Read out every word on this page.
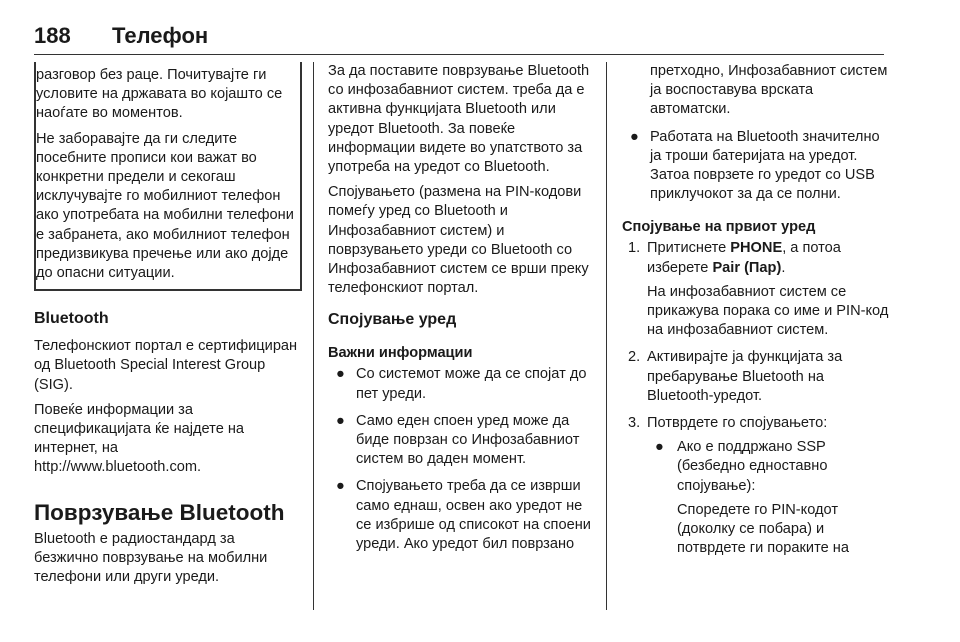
188	Телефон

разговор без раце. Почитувајте ги условите на државата во којашто се наоѓате во моментов.

Не заборавајте да ги следите посебните прописи кои важат во конкретни предели и секогаш исклучувајте го мобилниот телефон ако употребата на мобилни телефони е забранета, ако мобилниот телефон предизвикува пречење или ако дојде до опасни ситуации.

Bluetooth

Телефонскиот портал е сертифициран од Bluetooth Special Interest Group (SIG).

Повеќе информации за спецификацијата ќе најдете на интернет, на

http://www.bluetooth.com.

Поврзување Bluetooth

Bluetooth е радиостандард за безжично поврзување на мобилни телефони или други уреди.

За да поставите поврзување Bluetooth со инфозабавниот систем. треба да е активна функцијата Bluetooth или уредот Bluetooth. За повеќе информации видете во упатството за употреба на уредот со Bluetooth.

Спојувањето (размена на PIN-кодови помеѓу уред со Bluetooth и Инфозабавниот систем) и поврзувањето уреди со Bluetooth со Инфозабавниот систем се врши преку телефонскиот портал.

Спојување уред
Важни информации
● Со системот може да се спојат до пет уреди.
● Само еден споен уред може да биде поврзан со Инфозабавниот систем во даден момент.
● Спојувањето треба да се изврши само еднаш, освен ако уредот не се избрише од списокот на споени уреди. Ако уредот бил поврзано

претходно, Инфозабавниот систем ја воспоставува врската автоматски.

● Работата на Bluetooth значително ја троши батеријата на уредот. Затоа поврзете го уредот со USB приклучокот за да се полни.
Спојување на првиот уред
1. Притиснете PHONE, а потоа изберете Pair (Пар).

На инфозабавниот систем се прикажува порака со име и PIN-код на инфозабавниот систем.

2. Активирајте ја функцијата за пребарување Bluetooth на Bluetooth-уредот.

3. Потврдете го спојувањето:

● Ако е поддржано SSP (безбедно едноставно спојување):

Споредете го PIN-кодот (доколку се побара) и потврдете ги пораките на
